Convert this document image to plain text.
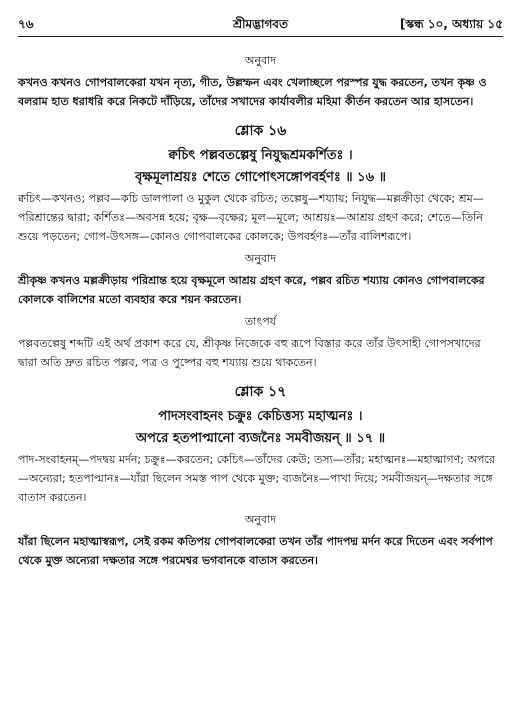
৭৬	শ্রীমদ্ভাগবত	[স্কন্ধ ১০, অধ্যায় ১৫
অনুবাদ

কখনও কখনও গোপবালকেরা যখন নৃত্য, গীত, উল্লম্ফন এবং খেলাচ্ছলে পরস্পর যুদ্ধ করতেন, তখন কৃষ্ণ ও বলরাম হাত ধরাধরি করে নিকটে দাঁড়িয়ে, তাঁদের সখাদের কার্যাবলীর মহিমা কীর্তন করতেন আর হাসতেন।

শ্লোক ১৬

ক্বচিৎ পল্লবতল্পেষু নিযুদ্ধশ্রমকর্শিতঃ ।

বৃক্ষমূলাশ্রয়ঃ শেতে গোপোৎসঙ্গোপবর্হণঃ ॥ ১৬ ॥

ক্বচিৎ—কখনও; পল্লব—কচি ডালপালা ও মুকুল থেকে রচিত; তল্পেষু—শয্যায়; নিযুদ্ধ—মল্লক্রীড়া থেকে; শ্রম—পরিশ্রান্তের দ্বারা; কর্শিতঃ—অবসন্ন হয়ে; বৃক্ষ—বৃক্ষের; মূল—মূলে; আশ্রয়ঃ—আশ্রয় গ্রহণ করে; শেতে—তিনি শুয়ে পড়তেন; গোপ-উৎসঙ্গ—কোনও গোপবালকের কোলকে; উপবর্হণঃ—তাঁর বালিশরূপে।

অনুবাদ

শ্রীকৃষ্ণ কখনও মল্লক্রীড়ায় পরিশ্রান্ত হয়ে বৃক্ষমূলে আশ্রয় গ্রহণ করে, পল্লব রচিত শয্যায় কোনও গোপবালকের কোলকে বালিশের মতো ব্যবহার করে শয়ন করতেন।

তাৎপর্য

পল্লবতল্পেষু শব্দটি এই অর্থ প্রকাশ করে যে, শ্রীকৃষ্ণ নিজেকে বহু রূপে বিস্তার করে তাঁর উৎসাহী গোপসখাদের দ্বারা অতি দ্রুত রচিত পল্লব, পত্র ও পুষ্পের বহু শয্যায় শুয়ে থাকতেন।

শ্লোক ১৭

পাদসংবাহনং চক্রুঃ কেচিত্তস্য মহাত্মনঃ ।

অপরে হতপাপ্মানো ব্যজনৈঃ সমবীজয়ন্ ॥ ১৭ ॥

পাদ-সংবাহনম্—পদদ্বয় মর্দন; চক্রুঃ—করতেন; কেচিৎ—তাঁদের কেউ; তস্য—তাঁর; মহাত্মনঃ—মহাত্মাগণ; অপরে—অন্যেরা; হতপাপ্মানঃ—যাঁরা ছিলেন সমস্ত পাপ থেকে মুক্ত; ব্যজনৈঃ—পাখা দিয়ে; সমবীজয়ন্—দক্ষতার সঙ্গে বাতাস করতেন।

অনুবাদ

যাঁরা ছিলেন মহাত্মাস্বরূপ, সেই রকম কতিপয় গোপবালকেরা তখন তাঁর পাদপদ্ম মর্দন করে দিতেন এবং সর্বপাপ থেকে মুক্ত অন্যেরা দক্ষতার সঙ্গে পরমেশ্বর ভগবানকে বাতাস করতেন।
